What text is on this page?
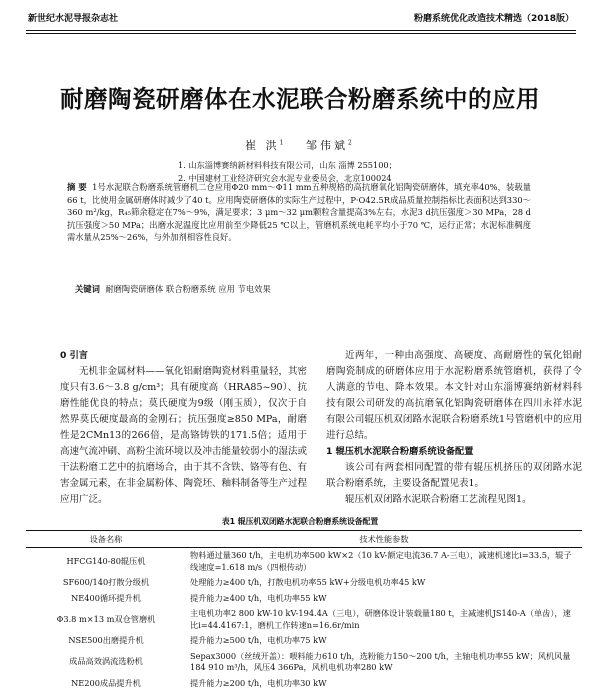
新世纪水泥导报杂志社	粉磨系统优化改造技术精选（2018版）
耐磨陶瓷研磨体在水泥联合粉磨系统中的应用
崔 洪$^1$ 邹伟斌$^2$
1. 山东淄博赛纳新材料科技有限公司，山东 淄博 255100；
2. 中国建材工业经济研究会水泥专业委员会，北京100024
摘 要 1号水泥联合粉磨系统管磨机二仓应用Φ20 mm～Φ11 mm五种规格的高抗磨氧化铝陶瓷研磨体，填充率40%，装载量66 t，比使用金属研磨体时减少了40 t。应用陶瓷研磨体的实际生产过程中，P·O42.5R成品质量控制指标比表面积达到330～360 m²/kg，R₄₅筛余稳定在7%～9%，满足要求；3 μm～32 μm颗粒含量提高3%左右，水泥3 d抗压强度＞30 MPa，28 d抗压强度＞50 MPa；出磨水泥温度比应用前至少降低25 ℃以上，管磨机系统电耗平均小于70 ℃，运行正常；水泥标准稠度需水量从25%～26%，与外加剂相容性良好。
关键词 耐磨陶瓷研磨体 联合粉磨系统 应用 节电效果
0 引言

无机非金属材料——氧化铝耐磨陶瓷材料重量轻，其密度只有3.6～3.8 g/cm³；具有硬度高（HRA85~90）、抗磨性能优良的特点；莫氏硬度为9级（刚玉质），仅次于自然界莫氏硬度最高的金刚石；抗压强度≥850 MPa，耐磨性是2CMn13的266倍，是高铬铸铁的171.5倍；适用于高速气流冲刷、高粉尘流环境以及冲击能量较弱小的湿法或干法粉磨工艺中的抗磨场合，由于其不含铁、铬等有色、有害金属元素，在非金属粉体、陶瓷坯、釉料制备等生产过程应用广泛。

近两年，一种由高强度、高硬度、高耐磨性的氧化铝耐磨陶瓷制成的研磨体应用于水泥粉磨系统管磨机，获得了令人满意的节电、降本效果。本文针对山东淄博赛纳新材料科技有限公司研发的高抗磨氧化铝陶瓷研磨体在四川永祥水泥有限公司辊压机双闭路水泥联合粉磨系统1号管磨机中的应用进行总结。

1 辊压机水泥联合粉磨系统设备配置

该公司有两套相同配置的带有辊压机挤压的双闭路水泥联合粉磨系统，主要设备配置见表1。

辊压机双闭路水泥联合粉磨工艺流程见图1。

表1 辊压机双闭路水泥联合粉磨系统设备配置
设备名称	技术性能参数
HFCG140-80辊压机	物料通过量360 t/h，主电机功率500 kW×2（10 kV-额定电流36.7 A-三电），减速机速比i=33.5，辊子线速度=1.618 m/s（四根传动）
SF600/140打散分级机	处理能力≥400 t/h，打散电机功率55 kW+分级电机功率45 kW
NE400循环提升机	提升能力≥400 t/h，电机功率55 kW
Φ3.8 m×13 m双仓管磨机	主电机功率2 800 kW-10 kV-194.4A（三电），研磨体设计装载量180 t，主减速机JS140-A（单齿），速比i=44.4167:1，磨机工作转速n=16.6r/min
NSE500出磨提升机	提升能力≥500 t/h，电机功率75 kW
成品高效涡流选粉机	Sepax3000（丝绒开盖）：喂料能力610 t/h，选粉能力150～200 t/h，主轴电机功率55 kW；风机风量184 910 m³/h，风压4 366Pa，风机电机功率280 kW
NE200成品提升机	提升能力≥200 t/h，电机功率30 kW
